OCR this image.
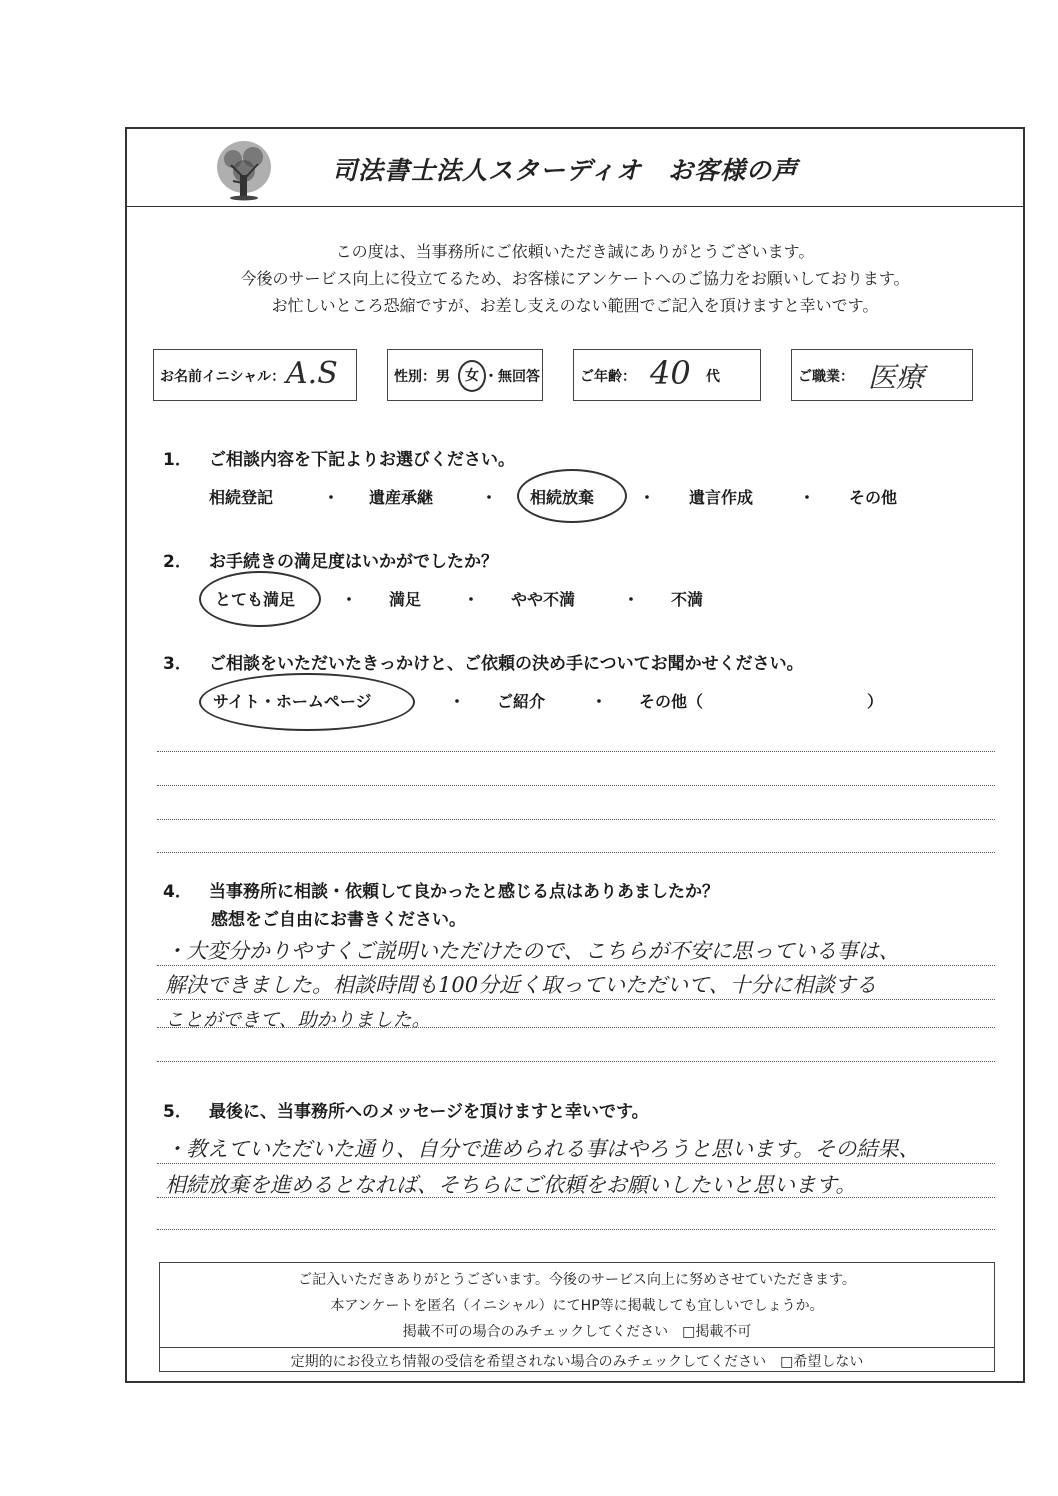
司法書士法人スターディオ　お客様の声
この度は、当事務所にご依頼いただき誠にありがとうございます。
今後のサービス向上に役立てるため、お客様にアンケートへのご協力をお願いしております。
お忙しいところ恐縮ですが、お差し支えのない範囲でご記入を頂けますと幸いです。
お名前イニシャル： A.S	性別：男	女 ・無回答	ご年齢： 40 代	ご職業： 医療
1． ご相談内容を下記よりお選びください。
相続登記	・ 遺産承継	・ 相続放棄	・ 遺言作成	・ その他
2． お手続きの満足度はいかがでしたか？
とても満足	・ 満足	・ やや不満	・ 不満
3． ご相談をいただいたきっかけと、ご依頼の決め手についてお聞かせください。
サイト・ホームページ	・ ご紹介	・ その他（	）
4． 当事務所に相談・依頼して良かったと感じる点はありあましたか？
感想をご自由にお書きください。
・大変分かりやすくご説明いただけたので、こちらが不安に思っている事は、
解決できました。相談時間も100分近く取っていただいて、十分に相談する
ことができて、助かりました。
5． 最後に、当事務所へのメッセージを頂けますと幸いです。
・教えていただいた通り、自分で進められる事はやろうと思います。その結果、
相続放棄を進めるとなれば、そちらにご依頼をお願いしたいと思います。
ご記入いただきありがとうございます。今後のサービス向上に努めさせていただきます。
本アンケートを匿名（イニシャル）にてHP等に掲載しても宜しいでしょうか。
掲載不可の場合のみチェックしてください　□掲載不可
定期的にお役立ち情報の受信を希望されない場合のみチェックしてください　□希望しない
